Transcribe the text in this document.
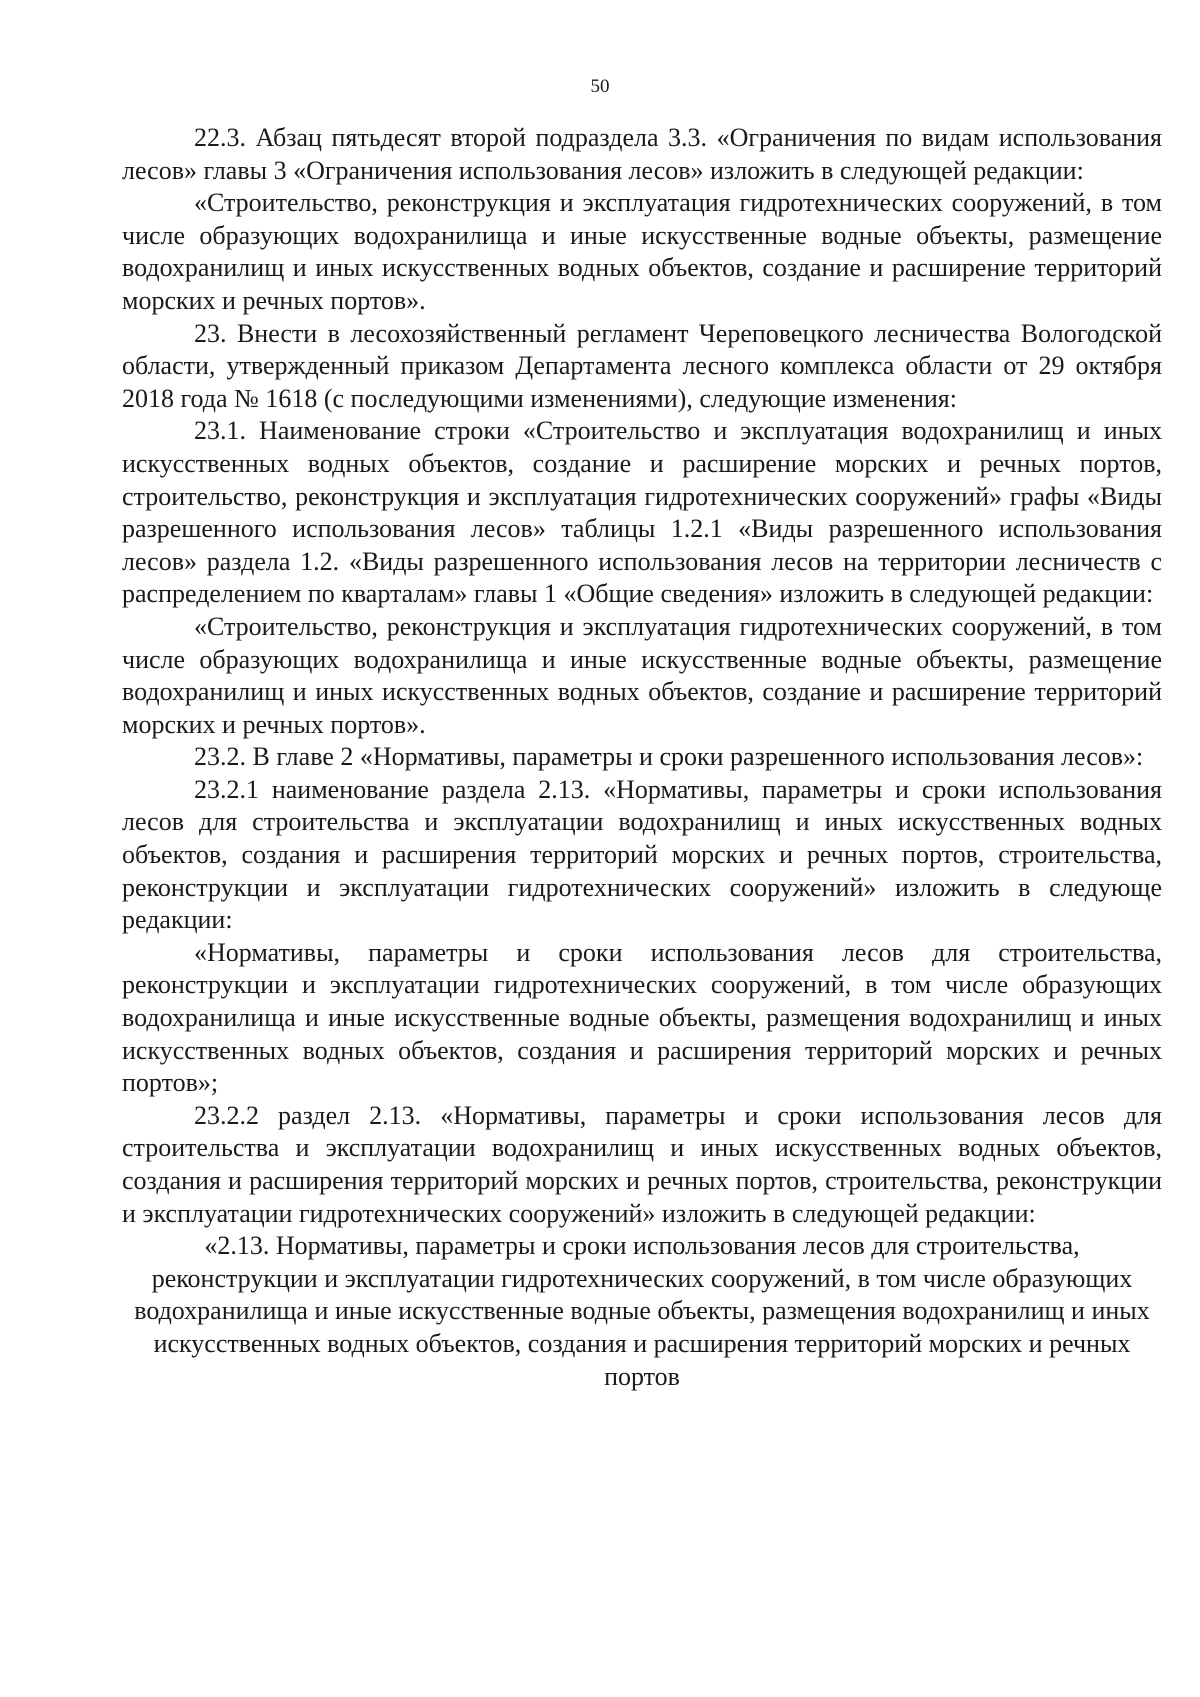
50

22.3. Абзац пятьдесят второй подраздела 3.3. «Ограничения по видам использования лесов» главы 3 «Ограничения использования лесов» изложить в следующей редакции:

«Строительство, реконструкция и эксплуатация гидротехнических сооружений, в том числе образующих водохранилища и иные искусственные водные объекты, размещение водохранилищ и иных искусственных водных объектов, создание и расширение территорий морских и речных портов».

23. Внести в лесохозяйственный регламент Череповецкого лесничества Вологодской области, утвержденный приказом Департамента лесного комплекса области от 29 октября 2018 года № 1618 (с последующими изменениями), следующие изменения:

23.1. Наименование строки «Строительство и эксплуатация водохранилищ и иных искусственных водных объектов, создание и расширение морских и речных портов, строительство, реконструкция и эксплуатация гидротехнических сооружений» графы «Виды разрешенного использования лесов» таблицы 1.2.1 «Виды разрешенного использования лесов» раздела 1.2. «Виды разрешенного использования лесов на территории лесничеств с распределением по кварталам» главы 1 «Общие сведения» изложить в следующей редакции:

«Строительство, реконструкция и эксплуатация гидротехнических сооружений, в том числе образующих водохранилища и иные искусственные водные объекты, размещение водохранилищ и иных искусственных водных объектов, создание и расширение территорий морских и речных портов».

23.2. В главе 2 «Нормативы, параметры и сроки разрешенного использования лесов»:

23.2.1 наименование раздела 2.13. «Нормативы, параметры и сроки использования лесов для строительства и эксплуатации водохранилищ и иных искусственных водных объектов, создания и расширения территорий морских и речных портов, строительства, реконструкции и эксплуатации гидротехнических сооружений» изложить в следующе редакции:

«Нормативы, параметры и сроки использования лесов для строительства, реконструкции и эксплуатации гидротехнических сооружений, в том числе образующих водохранилища и иные искусственные водные объекты, размещения водохранилищ и иных искусственных водных объектов, создания и расширения территорий морских и речных портов»;

23.2.2 раздел 2.13. «Нормативы, параметры и сроки использования лесов для строительства и эксплуатации водохранилищ и иных искусственных водных объектов, создания и расширения территорий морских и речных портов, строительства, реконструкции и эксплуатации гидротехнических сооружений» изложить в следующей редакции:

«2.13. Нормативы, параметры и сроки использования лесов для строительства, реконструкции и эксплуатации гидротехнических сооружений, в том числе образующих водохранилища и иные искусственные водные объекты, размещения водохранилищ и иных искусственных водных объектов, создания и расширения территорий морских и речных портов
